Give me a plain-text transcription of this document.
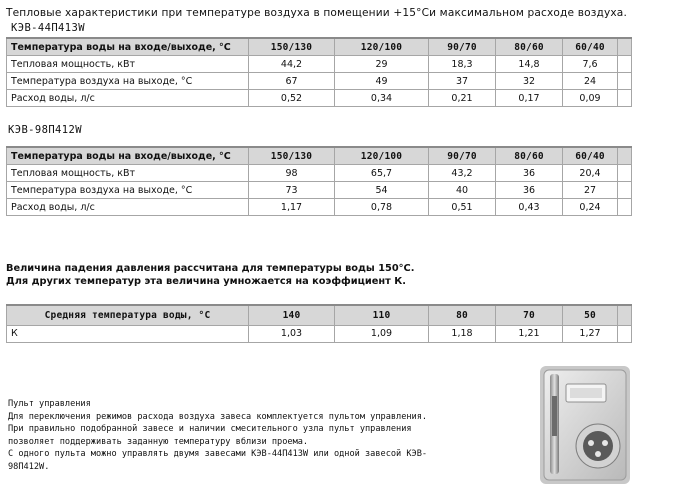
Тепловые характеристики при температуре воздуха в помещении +15°Си максимальном расходе воздуха.
КЭВ-44П413W
Температура воды на входе/выходе, °С	150/130	120/100	90/70	80/60	60/40	
Тепловая мощность, кВт	44,2	29	18,3	14,8	7,6	
Температура воздуха на выходе, °С	67	49	37	32	24	
Расход воды, л/с	0,52	0,34	0,21	0,17	0,09	
КЭВ-98П412W
Температура воды на входе/выходе, °С	150/130	120/100	90/70	80/60	60/40	
Тепловая мощность, кВт	98	65,7	43,2	36	20,4	
Температура воздуха на выходе, °С	73	54	40	36	27	
Расход воды, л/с	1,17	0,78	0,51	0,43	0,24	
Величина падения давления рассчитана для температуры воды 150°С.
Для других температур эта величина умножается на коэффициент К.
Средняя температура воды, °С	140	110	80	70	50	
К	1,03	1,09	1,18	1,21	1,27	
Пульт управления
Для переключения режимов расхода воздуха завеса комплектуется пультом управления.
При правильно подобранной завесе и наличии смесительного узла пульт управления
позволяет поддерживать заданную температуру вблизи проема.
С одного пульта можно управлять двумя завесами КЭВ-44П413W или одной завесой КЭВ-
98П412W.
